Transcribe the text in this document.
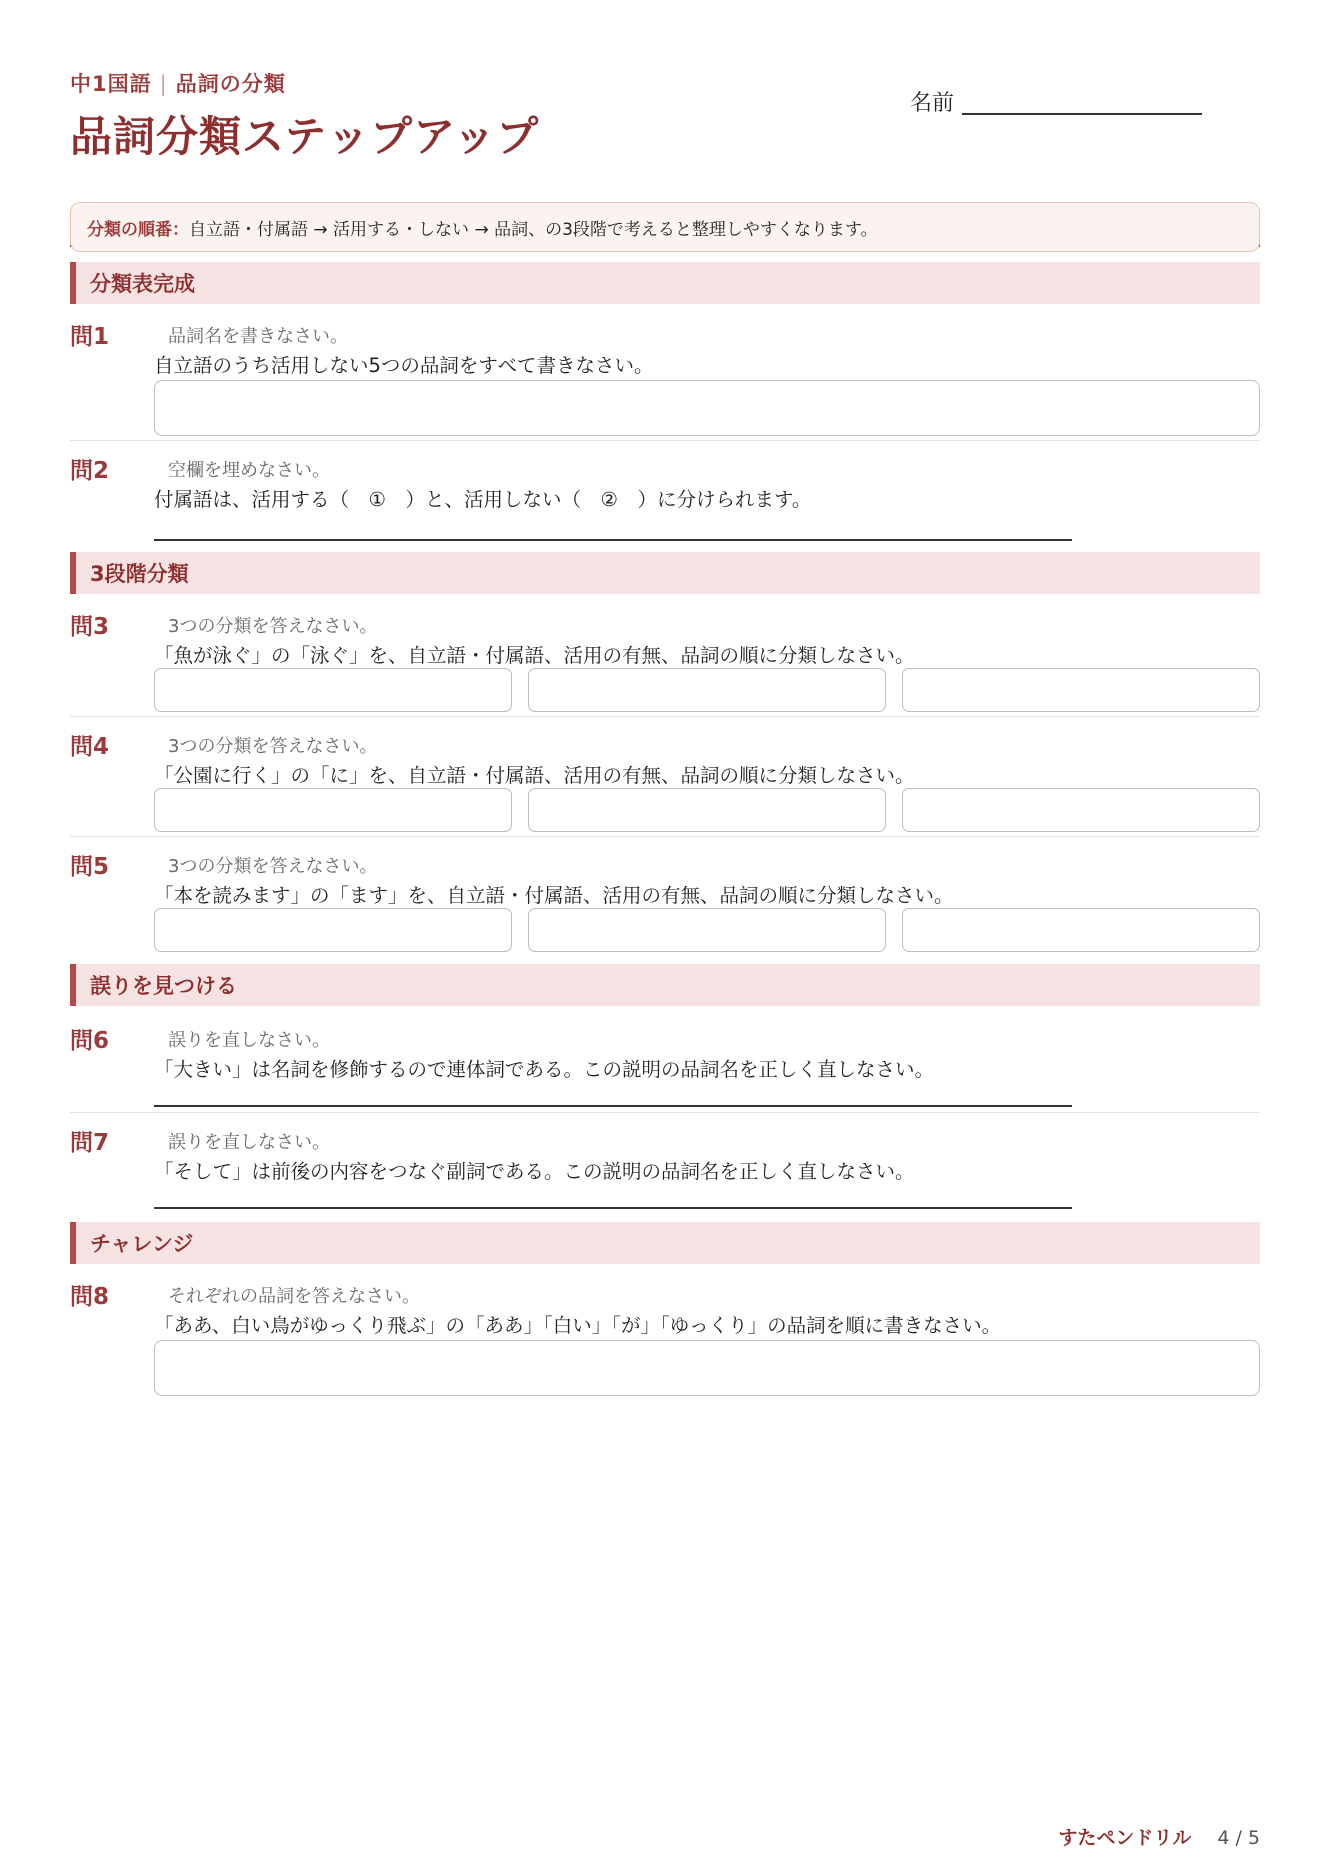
中1国語 | 品詞の分類
品詞分類ステップアップ
名前
分類の順番： 自立語・付属語 → 活用する・しない → 品詞、の3段階で考えると整理しやすくなります。
分類表完成
問1	品詞名を書きなさい。
自立語のうち活用しない5つの品詞をすべて書きなさい。
問2	空欄を埋めなさい。
付属語は、活用する（　①　）と、活用しない（　②　）に分けられます。
3段階分類
問3	3つの分類を答えなさい。
「魚が泳ぐ」の「泳ぐ」を、自立語・付属語、活用の有無、品詞の順に分類しなさい。
問4	3つの分類を答えなさい。
「公園に行く」の「に」を、自立語・付属語、活用の有無、品詞の順に分類しなさい。
問5	3つの分類を答えなさい。
「本を読みます」の「ます」を、自立語・付属語、活用の有無、品詞の順に分類しなさい。
誤りを見つける
問6	誤りを直しなさい。
「大きい」は名詞を修飾するので連体詞である。この説明の品詞名を正しく直しなさい。
問7	誤りを直しなさい。
「そして」は前後の内容をつなぐ副詞である。この説明の品詞名を正しく直しなさい。
チャレンジ
問8	それぞれの品詞を答えなさい。
「ああ、白い鳥がゆっくり飛ぶ」の「ああ」「白い」「が」「ゆっくり」の品詞を順に書きなさい。
すたペンドリル 4 / 5
